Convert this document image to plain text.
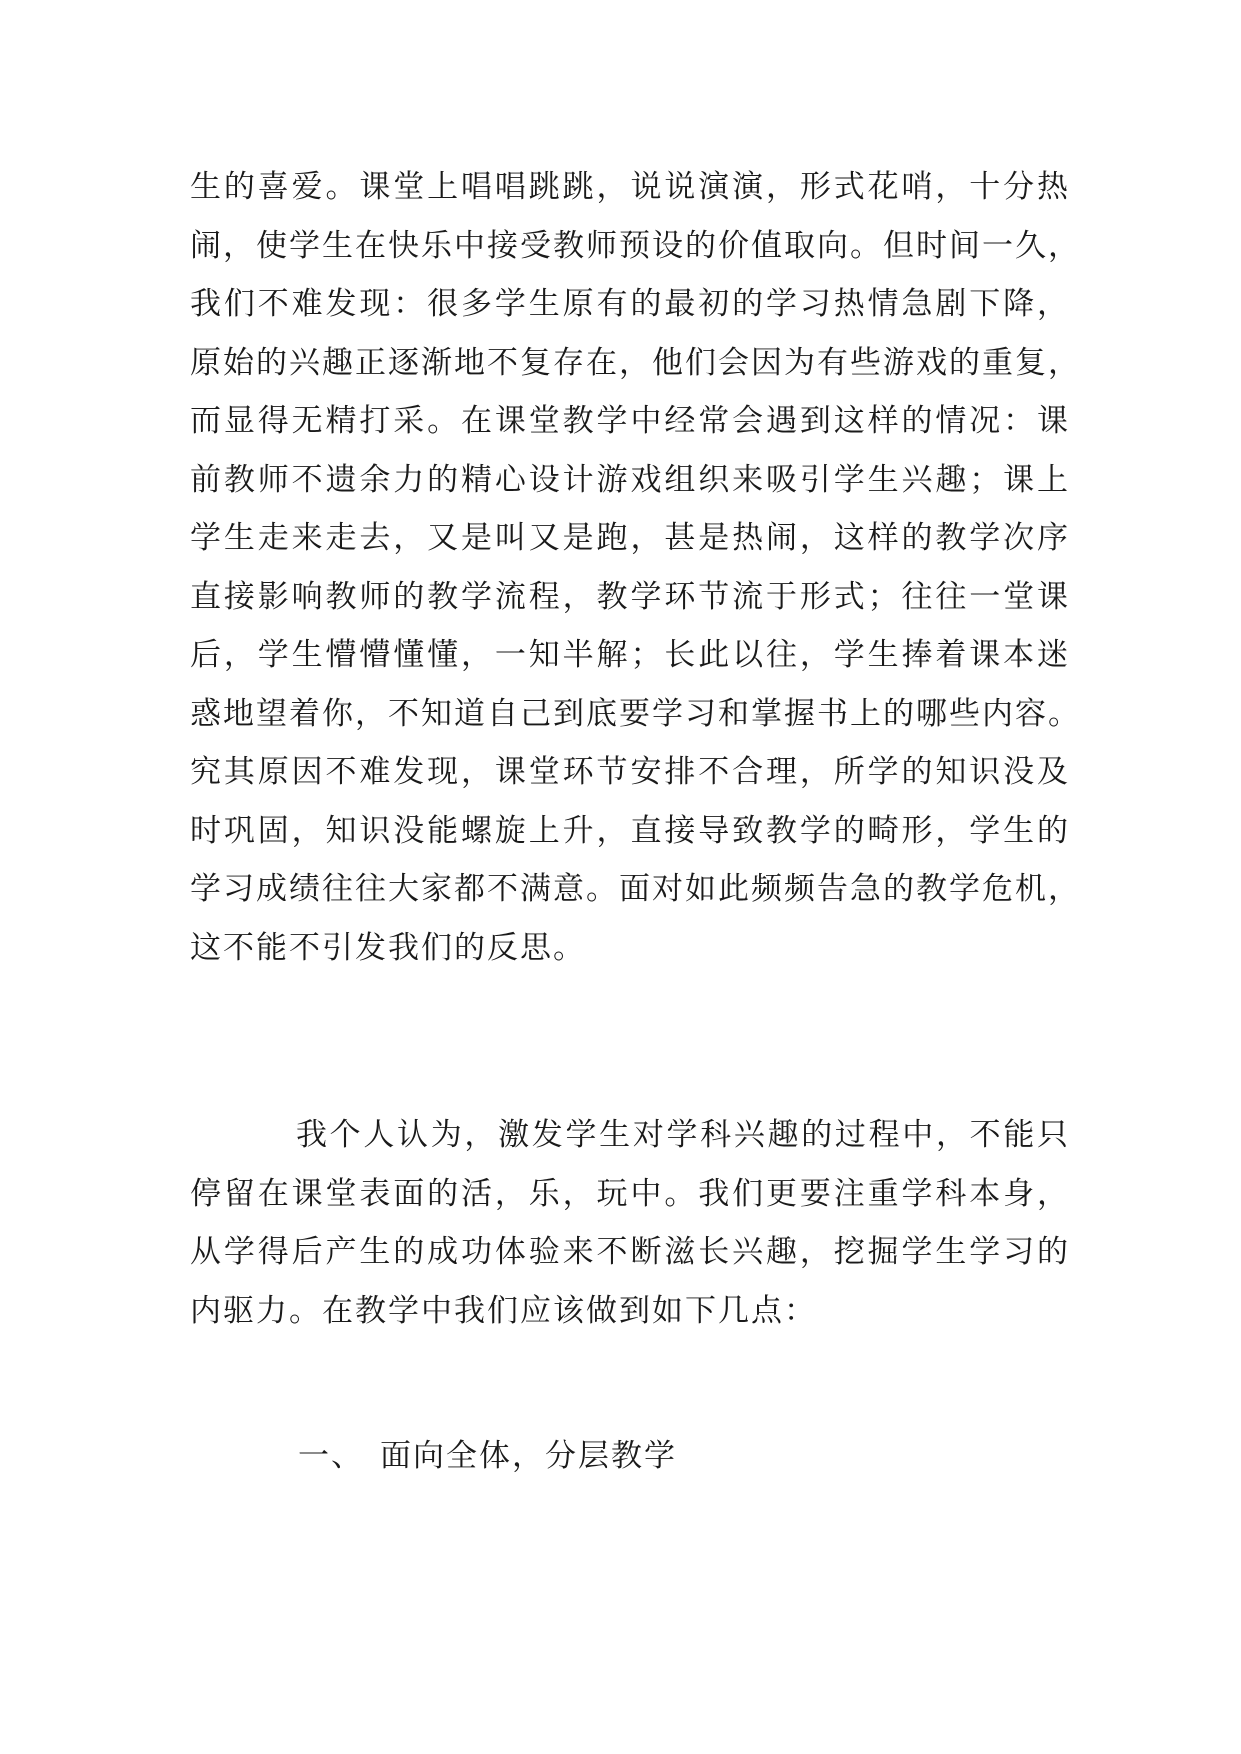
生的喜爱。课堂上唱唱跳跳，说说演演，形式花哨，十分热
闹，使学生在快乐中接受教师预设的价值取向。但时间一久，
我们不难发现：很多学生原有的最初的学习热情急剧下降，
原始的兴趣正逐渐地不复存在，他们会因为有些游戏的重复，
而显得无精打采。在课堂教学中经常会遇到这样的情况：课
前教师不遗余力的精心设计游戏组织来吸引学生兴趣；课上
学生走来走去，又是叫又是跑，甚是热闹，这样的教学次序
直接影响教师的教学流程，教学环节流于形式；往往一堂课
后，学生懵懵懂懂，一知半解；长此以往，学生捧着课本迷
惑地望着你，不知道自己到底要学习和掌握书上的哪些内容。
究其原因不难发现，课堂环节安排不合理，所学的知识没及
时巩固，知识没能螺旋上升，直接导致教学的畸形，学生的
学习成绩往往大家都不满意。面对如此频频告急的教学危机，
这不能不引发我们的反思。
我个人认为，激发学生对学科兴趣的过程中，不能只
停留在课堂表面的活，乐，玩中。我们更要注重学科本身，
从学得后产生的成功体验来不断滋长兴趣，挖掘学生学习的
内驱力。在教学中我们应该做到如下几点：
一、 面向全体，分层教学
